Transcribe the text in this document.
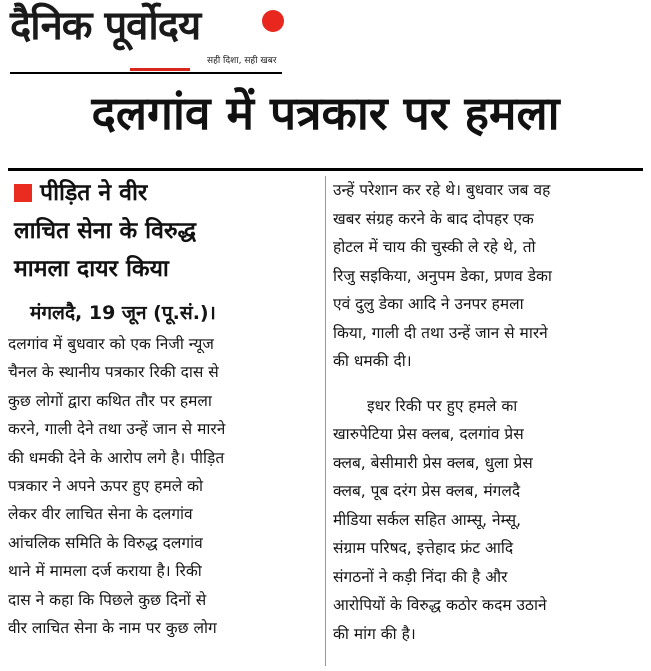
दैनिक पूर्वोदय
सही दिशा, सही खबर
दलगांव में पत्रकार पर हमला
पीड़ित ने वीर
लाचित सेना के विरुद्ध
मामला दायर किया
मंगलदै, 19 जून (पू.सं.)।
दलगांव में बुधवार को एक निजी न्यूज
चैनल के स्थानीय पत्रकार रिकी दास से
कुछ लोगों द्वारा कथित तौर पर हमला
करने, गाली देने तथा उन्हें जान से मारने
की धमकी देने के आरोप लगे है। पीड़ित
पत्रकार ने अपने ऊपर हुए हमले को
लेकर वीर लाचित सेना के दलगांव
आंचलिक समिति के विरुद्ध दलगांव
थाने में मामला दर्ज कराया है। रिकी
दास ने कहा कि पिछले कुछ दिनों से
वीर लाचित सेना के नाम पर कुछ लोग
उन्हें परेशान कर रहे थे। बुधवार जब वह
खबर संग्रह करने के बाद दोपहर एक
होटल में चाय की चुस्की ले रहे थे, तो
रिजु सइकिया, अनुपम डेका, प्रणव डेका
एवं दुलु डेका आदि ने उनपर हमला
किया, गाली दी तथा उन्हें जान से मारने
की धमकी दी।
इधर रिकी पर हुए हमले का
खारुपेटिया प्रेस क्लब, दलगांव प्रेस
क्लब, बेसीमारी प्रेस क्लब, धुला प्रेस
क्लब, पूब दरंग प्रेस क्लब, मंगलदै
मीडिया सर्कल सहित आम्सू, नेम्सू,
संग्राम परिषद, इत्तेहाद फ्रंट आदि
संगठनों ने कड़ी निंदा की है और
आरोपियों के विरुद्ध कठोर कदम उठाने
की मांग की है।
